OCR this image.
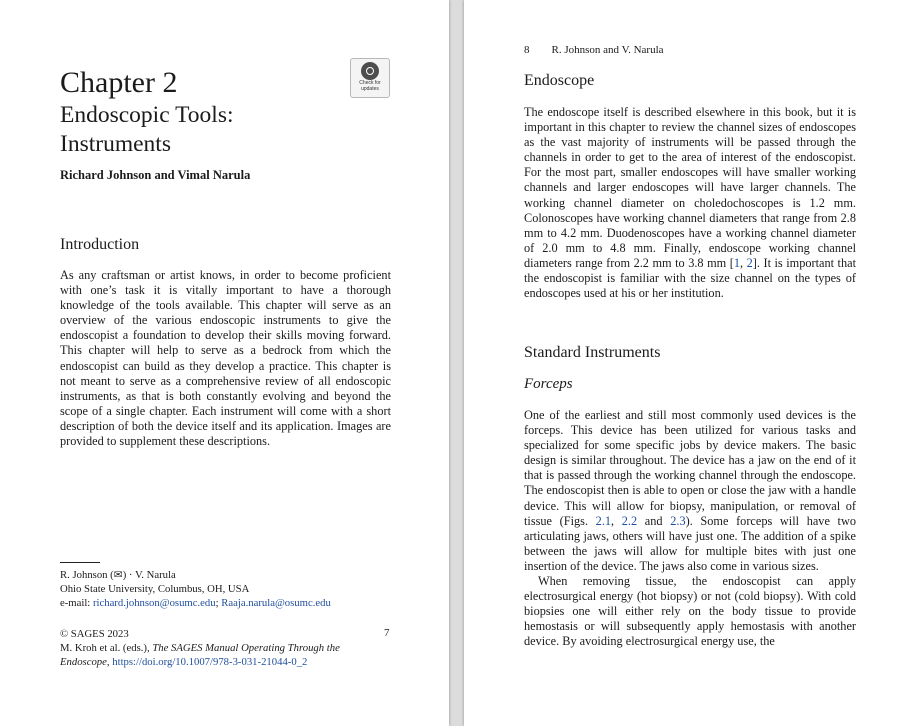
Chapter 2
Endoscopic Tools:
Instruments
Check for
updates
Richard Johnson and Vimal Narula
Introduction

As any craftsman or artist knows, in order to become proficient with one’s task it is vitally important to have a thorough knowledge of the tools available. This chapter will serve as an overview of the various endoscopic instruments to give the endoscopist a foundation to develop their skills moving forward. This chapter will help to serve as a bedrock from which the endoscopist can build as they develop a practice. This chapter is not meant to serve as a comprehensive review of all endoscopic instruments, as that is both constantly evolving and beyond the scope of a single chapter. Each instrument will come with a short description of both the device itself and its application. Images are provided to supplement these descriptions.

R. Johnson (✉) · V. Narula
Ohio State University, Columbus, OH, USA
e-mail: richard.johnson@osumc.edu; Raaja.narula@osumc.edu
© SAGES 2023
M. Kroh et al. (eds.), The SAGES Manual Operating Through the Endoscope, https://doi.org/10.1007/978-3-031-21044-0_2
7
8 R. Johnson and V. Narula
Endoscope

The endoscope itself is described elsewhere in this book, but it is important in this chapter to review the channel sizes of endoscopes as the vast majority of instruments will be passed through the channels in order to get to the area of interest of the endoscopist. For the most part, smaller endoscopes will have smaller working channels and larger endoscopes will have larger channels. The working channel diameter on choledochoscopes is 1.2 mm. Colonoscopes have working channel diameters that range from 2.8 mm to 4.2 mm. Duodenoscopes have a working channel diameter of 2.0 mm to 4.8 mm. Finally, endoscope working channel diameters range from 2.2 mm to 3.8 mm [1, 2]. It is important that the endoscopist is familiar with the size channel on the types of endoscopes used at his or her institution.

Standard Instruments
Forceps

One of the earliest and still most commonly used devices is the forceps. This device has been utilized for various tasks and specialized for some specific jobs by device makers. The basic design is similar throughout. The device has a jaw on the end of it that is passed through the working channel through the endoscope. The endoscopist then is able to open or close the jaw with a handle device. This will allow for biopsy, manipulation, or removal of tissue (Figs. 2.1, 2.2 and 2.3). Some forceps will have two articulating jaws, others will have just one. The addition of a spike between the jaws will allow for multiple bites with just one insertion of the device. The jaws also come in various sizes.

When removing tissue, the endoscopist can apply electrosurgical energy (hot biopsy) or not (cold biopsy). With cold biopsies one will either rely on the body tissue to provide hemostasis or will subsequently apply hemostasis with another device. By avoiding electrosurgical energy use, the
